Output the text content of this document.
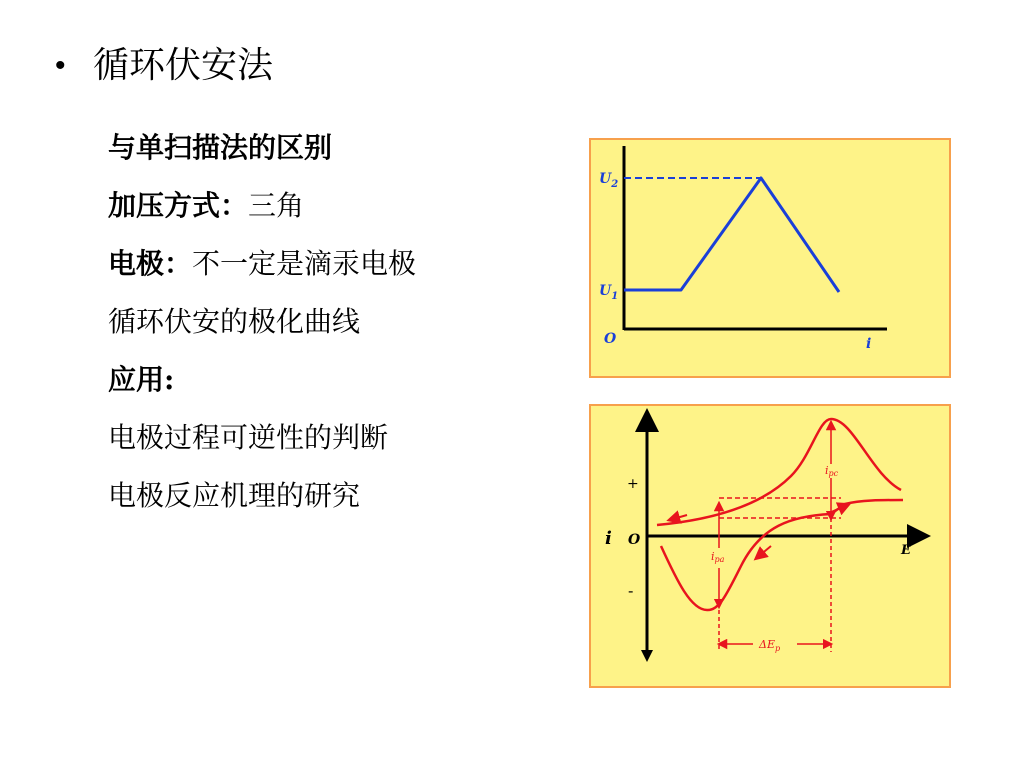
• 循环伏安法
与单扫描法的区别
加压方式：三角
电极：不一定是滴汞电极
循环伏安的极化曲线
应用:
电极过程可逆性的判断
电极反应机理的研究
$U_2$
$U_1$
O	i
+
-
i O
E
ipc
ipa
$\Delta E_p$
